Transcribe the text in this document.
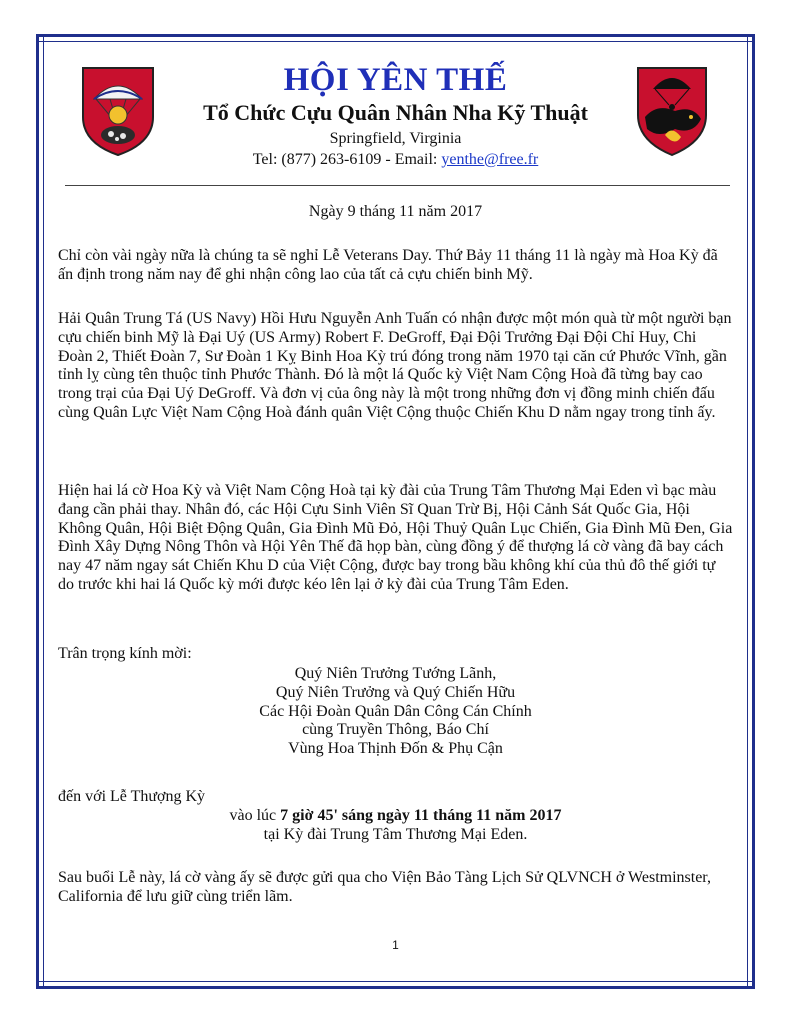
HỘI YÊN THẾ
Tổ Chức Cựu Quân Nhân Nha Kỹ Thuật
Springfield, Virginia
Tel: (877) 263-6109 - Email: yenthe@free.fr
Ngày 9 tháng 11 năm 2017

Chỉ còn vài ngày nữa là chúng ta sẽ nghỉ Lễ Veterans Day. Thứ Bảy 11 tháng 11 là ngày mà Hoa Kỳ đã ấn định trong năm nay để ghi nhận công lao của tất cả cựu chiến binh Mỹ.

Hải Quân Trung Tá (US Navy) Hồi Hưu Nguyễn Anh Tuấn có nhận được một món quà từ một người bạn cựu chiến binh Mỹ là Đại Uý (US Army) Robert F. DeGroff, Đại Đội Trưởng Đại Đội Chỉ Huy, Chi Đoàn 2, Thiết Đoàn 7, Sư Đoàn 1 Kỵ Binh Hoa Kỳ trú đóng trong năm 1970 tại căn cứ Phước Vĩnh, gần tỉnh lỵ cùng tên thuộc tỉnh Phước Thành. Đó là một lá Quốc kỳ Việt Nam Cộng Hoà đã từng bay cao trong trại của Đại Uý DeGroff. Và đơn vị của ông này là một trong những đơn vị đồng minh chiến đấu cùng Quân Lực Việt Nam Cộng Hoà đánh quân Việt Cộng thuộc Chiến Khu D nằm ngay trong tỉnh ấy.

Hiện hai lá cờ Hoa Kỳ và Việt Nam Cộng Hoà tại kỳ đài của Trung Tâm Thương Mại Eden vì bạc màu đang cần phải thay. Nhân đó, các Hội Cựu Sinh Viên Sĩ Quan Trừ Bị, Hội Cảnh Sát Quốc Gia, Hội Không Quân, Hội Biệt Động Quân, Gia Đình Mũ Đỏ, Hội Thuỷ Quân Lục Chiến, Gia Đình Mũ Đen, Gia Đình Xây Dựng Nông Thôn và Hội Yên Thế đã họp bàn, cùng đồng ý để thượng lá cờ vàng đã bay cách nay 47 năm ngay sát Chiến Khu D của Việt Cộng, được bay trong bầu không khí của thủ đô thế giới tự do trước khi hai lá Quốc kỳ mới được kéo lên lại ở kỳ đài của Trung Tâm Eden.

Trân trọng kính mời:
Quý Niên Trưởng Tướng Lãnh,
Quý Niên Trưởng và Quý Chiến Hữu
Các Hội Đoàn Quân Dân Công Cán Chính
cùng Truyền Thông, Báo Chí
Vùng Hoa Thịnh Đốn & Phụ Cận
đến với Lễ Thượng Kỳ
vào lúc 7 giờ 45' sáng ngày 11 tháng 11 năm 2017
tại Kỳ đài Trung Tâm Thương Mại Eden.

Sau buổi Lễ này, lá cờ vàng ấy sẽ được gửi qua cho Viện Bảo Tàng Lịch Sử QLVNCH ở Westminster, California để lưu giữ cùng triển lãm.

1
